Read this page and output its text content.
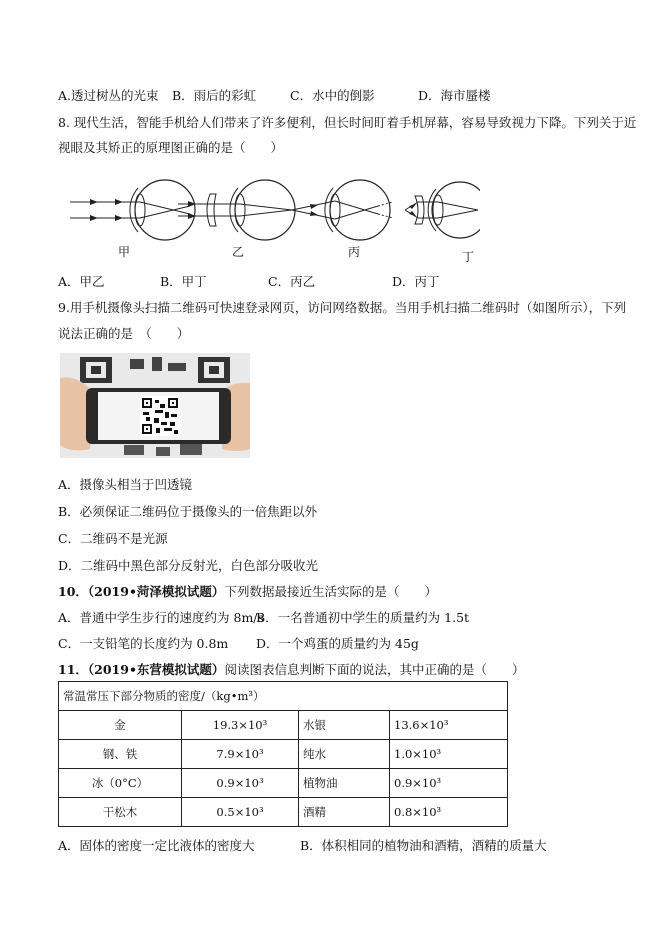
A.透过树丛的光束 B．雨后的彩虹	C．水中的倒影	D．海市蜃楼
8. 现代生活，智能手机给人们带来了许多便利，但长时间盯着手机屏幕，容易导致视力下降。下列关于近
视眼及其矫正的原理图正确的是（　　）
甲	乙	丙	丁
A．甲乙	B．甲丁	C．丙乙	D．丙丁
9.用手机摄像头扫描二维码可快速登录网页，访问网络数据。当用手机扫描二维码时（如图所示），下列
说法正确的是　（　　）
A．摄像头相当于凹透镜
B．必须保证二维码位于摄像头的一倍焦距以外
C．二维码不是光源
D．二维码中黑色部分反射光，白色部分吸收光
10．（2019•菏泽模拟试题）下列数据最接近生活实际的是（　　）
A．普通中学生步行的速度约为 8m/s
B．一名普通初中学生的质量约为 1.5t
C．一支铅笔的长度约为 0.8m D．一个鸡蛋的质量约为 45g
11．（2019•东营模拟试题）阅读图表信息判断下面的说法，其中正确的是（　　）
常温常压下部分物质的密度/（kg•m³）			
金	19.3×10³	水银	13.6×10³
钢、铁	7.9×10³	纯水	1.0×10³
冰（0°C）	0.9×10³	植物油	0.9×10³
干松木	0.5×10³	酒精	0.8×10³
A．固体的密度一定比液体的密度大	B．体积相同的植物油和酒精，酒精的质量大
